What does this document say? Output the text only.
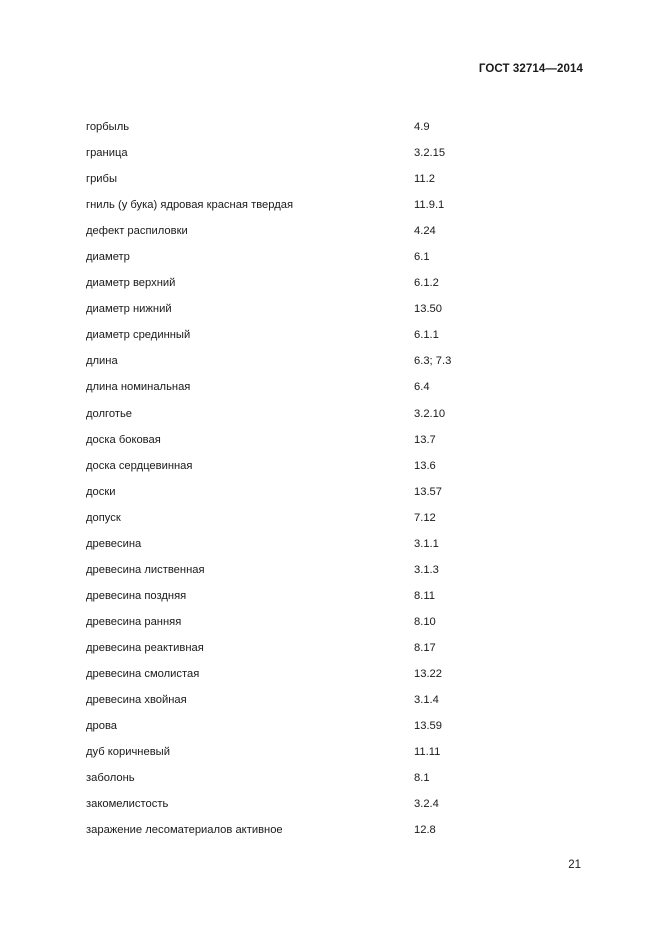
ГОСТ 32714—2014
горбыль	4.9
граница	3.2.15
грибы	11.2
гниль (у бука) ядровая красная твердая	11.9.1
дефект распиловки	4.24
диаметр	6.1
диаметр верхний	6.1.2
диаметр нижний	13.50
диаметр срединный	6.1.1
длина	6.3; 7.3
длина номинальная	6.4
долготье	3.2.10
доска боковая	13.7
доска сердцевинная	13.6
доски	13.57
допуск	7.12
древесина	3.1.1
древесина лиственная	3.1.3
древесина поздняя	8.11
древесина ранняя	8.10
древесина реактивная	8.17
древесина смолистая	13.22
древесина хвойная	3.1.4
дрова	13.59
дуб коричневый	11.11
заболонь	8.1
закомелистость	3.2.4
заражение лесоматериалов активное	12.8
21
